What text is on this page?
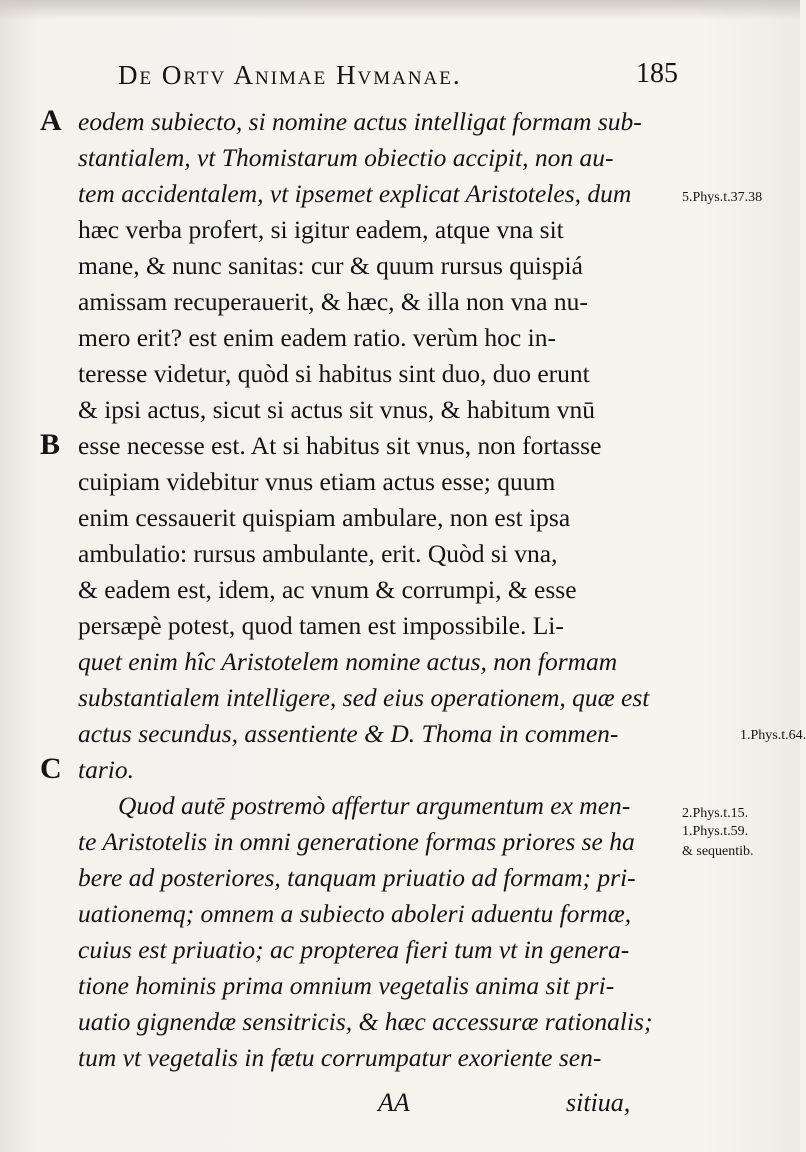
De Ortv Animae Hvmanae.	185
A
B
C
eodem subiecto, si nomine actus intelligat formam sub-
stantialem, vt Thomistarum obiectio accipit, non au-
tem accidentalem, vt ipsemet explicat Aristoteles, dum
hæc verba profert, si igitur eadem, atque vna sit
mane, & nunc sanitas: cur & quum rursus quispiá
amissam recuperauerit, & hæc, & illa non vna nu-
mero erit? est enim eadem ratio. verùm hoc in-
teresse videtur, quòd si habitus sint duo, duo erunt
& ipsi actus, sicut si actus sit vnus, & habitum vnū
esse necesse est. At si habitus sit vnus, non fortasse
cuipiam videbitur vnus etiam actus esse; quum
enim cessauerit quispiam ambulare, non est ipsa
ambulatio: rursus ambulante, erit. Quòd si vna,
& eadem est, idem, ac vnum & corrumpi, & esse
persæpè potest, quod tamen est impossibile. Li-
quet enim hîc Aristotelem nomine actus, non formam
substantialem intelligere, sed eius operationem, quæ est
actus secundus, assentiente & D. Thoma in commen-
tario.
Quod autē postremò affertur argumentum ex men-
te Aristotelis in omni generatione formas priores se ha
bere ad posteriores, tanquam priuatio ad formam; pri-
uationemq; omnem a subiecto aboleri aduentu formæ,
cuius est priuatio; ac propterea fieri tum vt in genera-
tione hominis prima omnium vegetalis anima sit pri-
uatio gignendæ sensitricis, & hæc accessuræ rationalis;
tum vt vegetalis in fætu corrumpatur exoriente sen-
5.Phys.t.37.38
1.Phys.t.64.
2.Phys.t.15.
1.Phys.t.59.
& sequentib.
AA	sitiua,
